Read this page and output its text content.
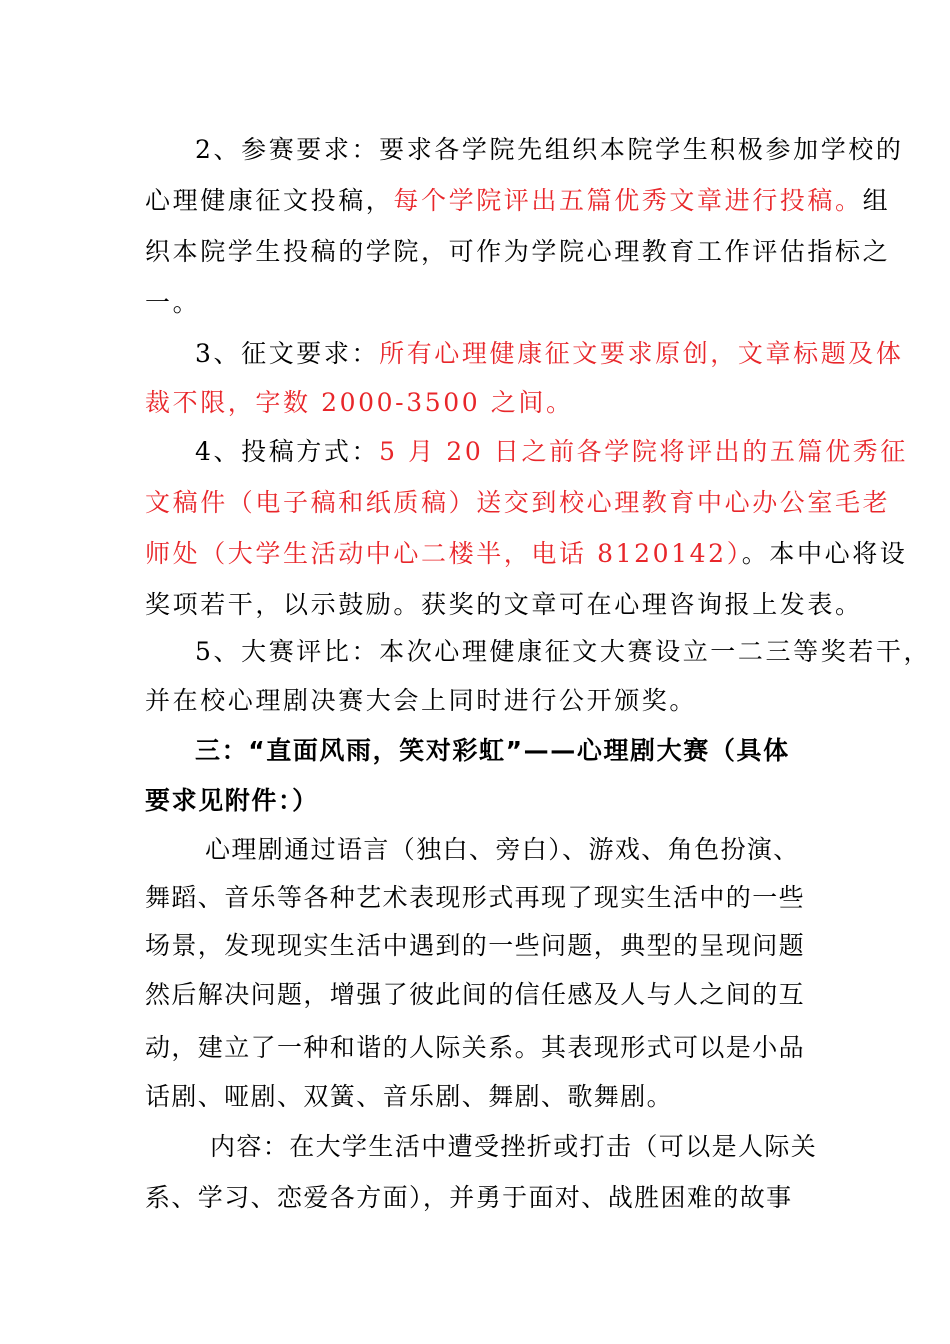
2、参赛要求：要求各学院先组织本院学生积极参加学校的
心理健康征文投稿，每个学院评出五篇优秀文章进行投稿。组
织本院学生投稿的学院，可作为学院心理教育工作评估指标之
一。
3、征文要求：所有心理健康征文要求原创，文章标题及体
裁不限，字数 2000-3500 之间。
4、投稿方式：5 月 20 日之前各学院将评出的五篇优秀征
文稿件（电子稿和纸质稿）送交到校心理教育中心办公室毛老
师处（大学生活动中心二楼半，电话 8120142）。本中心将设
奖项若干，以示鼓励。获奖的文章可在心理咨询报上发表。
5、大赛评比：本次心理健康征文大赛设立一二三等奖若干，
并在校心理剧决赛大会上同时进行公开颁奖。
三：“直面风雨，笑对彩虹”——心理剧大赛（具体
要求见附件：）
心理剧通过语言（独白、旁白）、游戏、角色扮演、
舞蹈、音乐等各种艺术表现形式再现了现实生活中的一些
场景，发现现实生活中遇到的一些问题，典型的呈现问题
然后解决问题，增强了彼此间的信任感及人与人之间的互
动，建立了一种和谐的人际关系。其表现形式可以是小品
话剧、哑剧、双簧、音乐剧、舞剧、歌舞剧。
内容：在大学生活中遭受挫折或打击（可以是人际关
系、学习、恋爱各方面），并勇于面对、战胜困难的故事
